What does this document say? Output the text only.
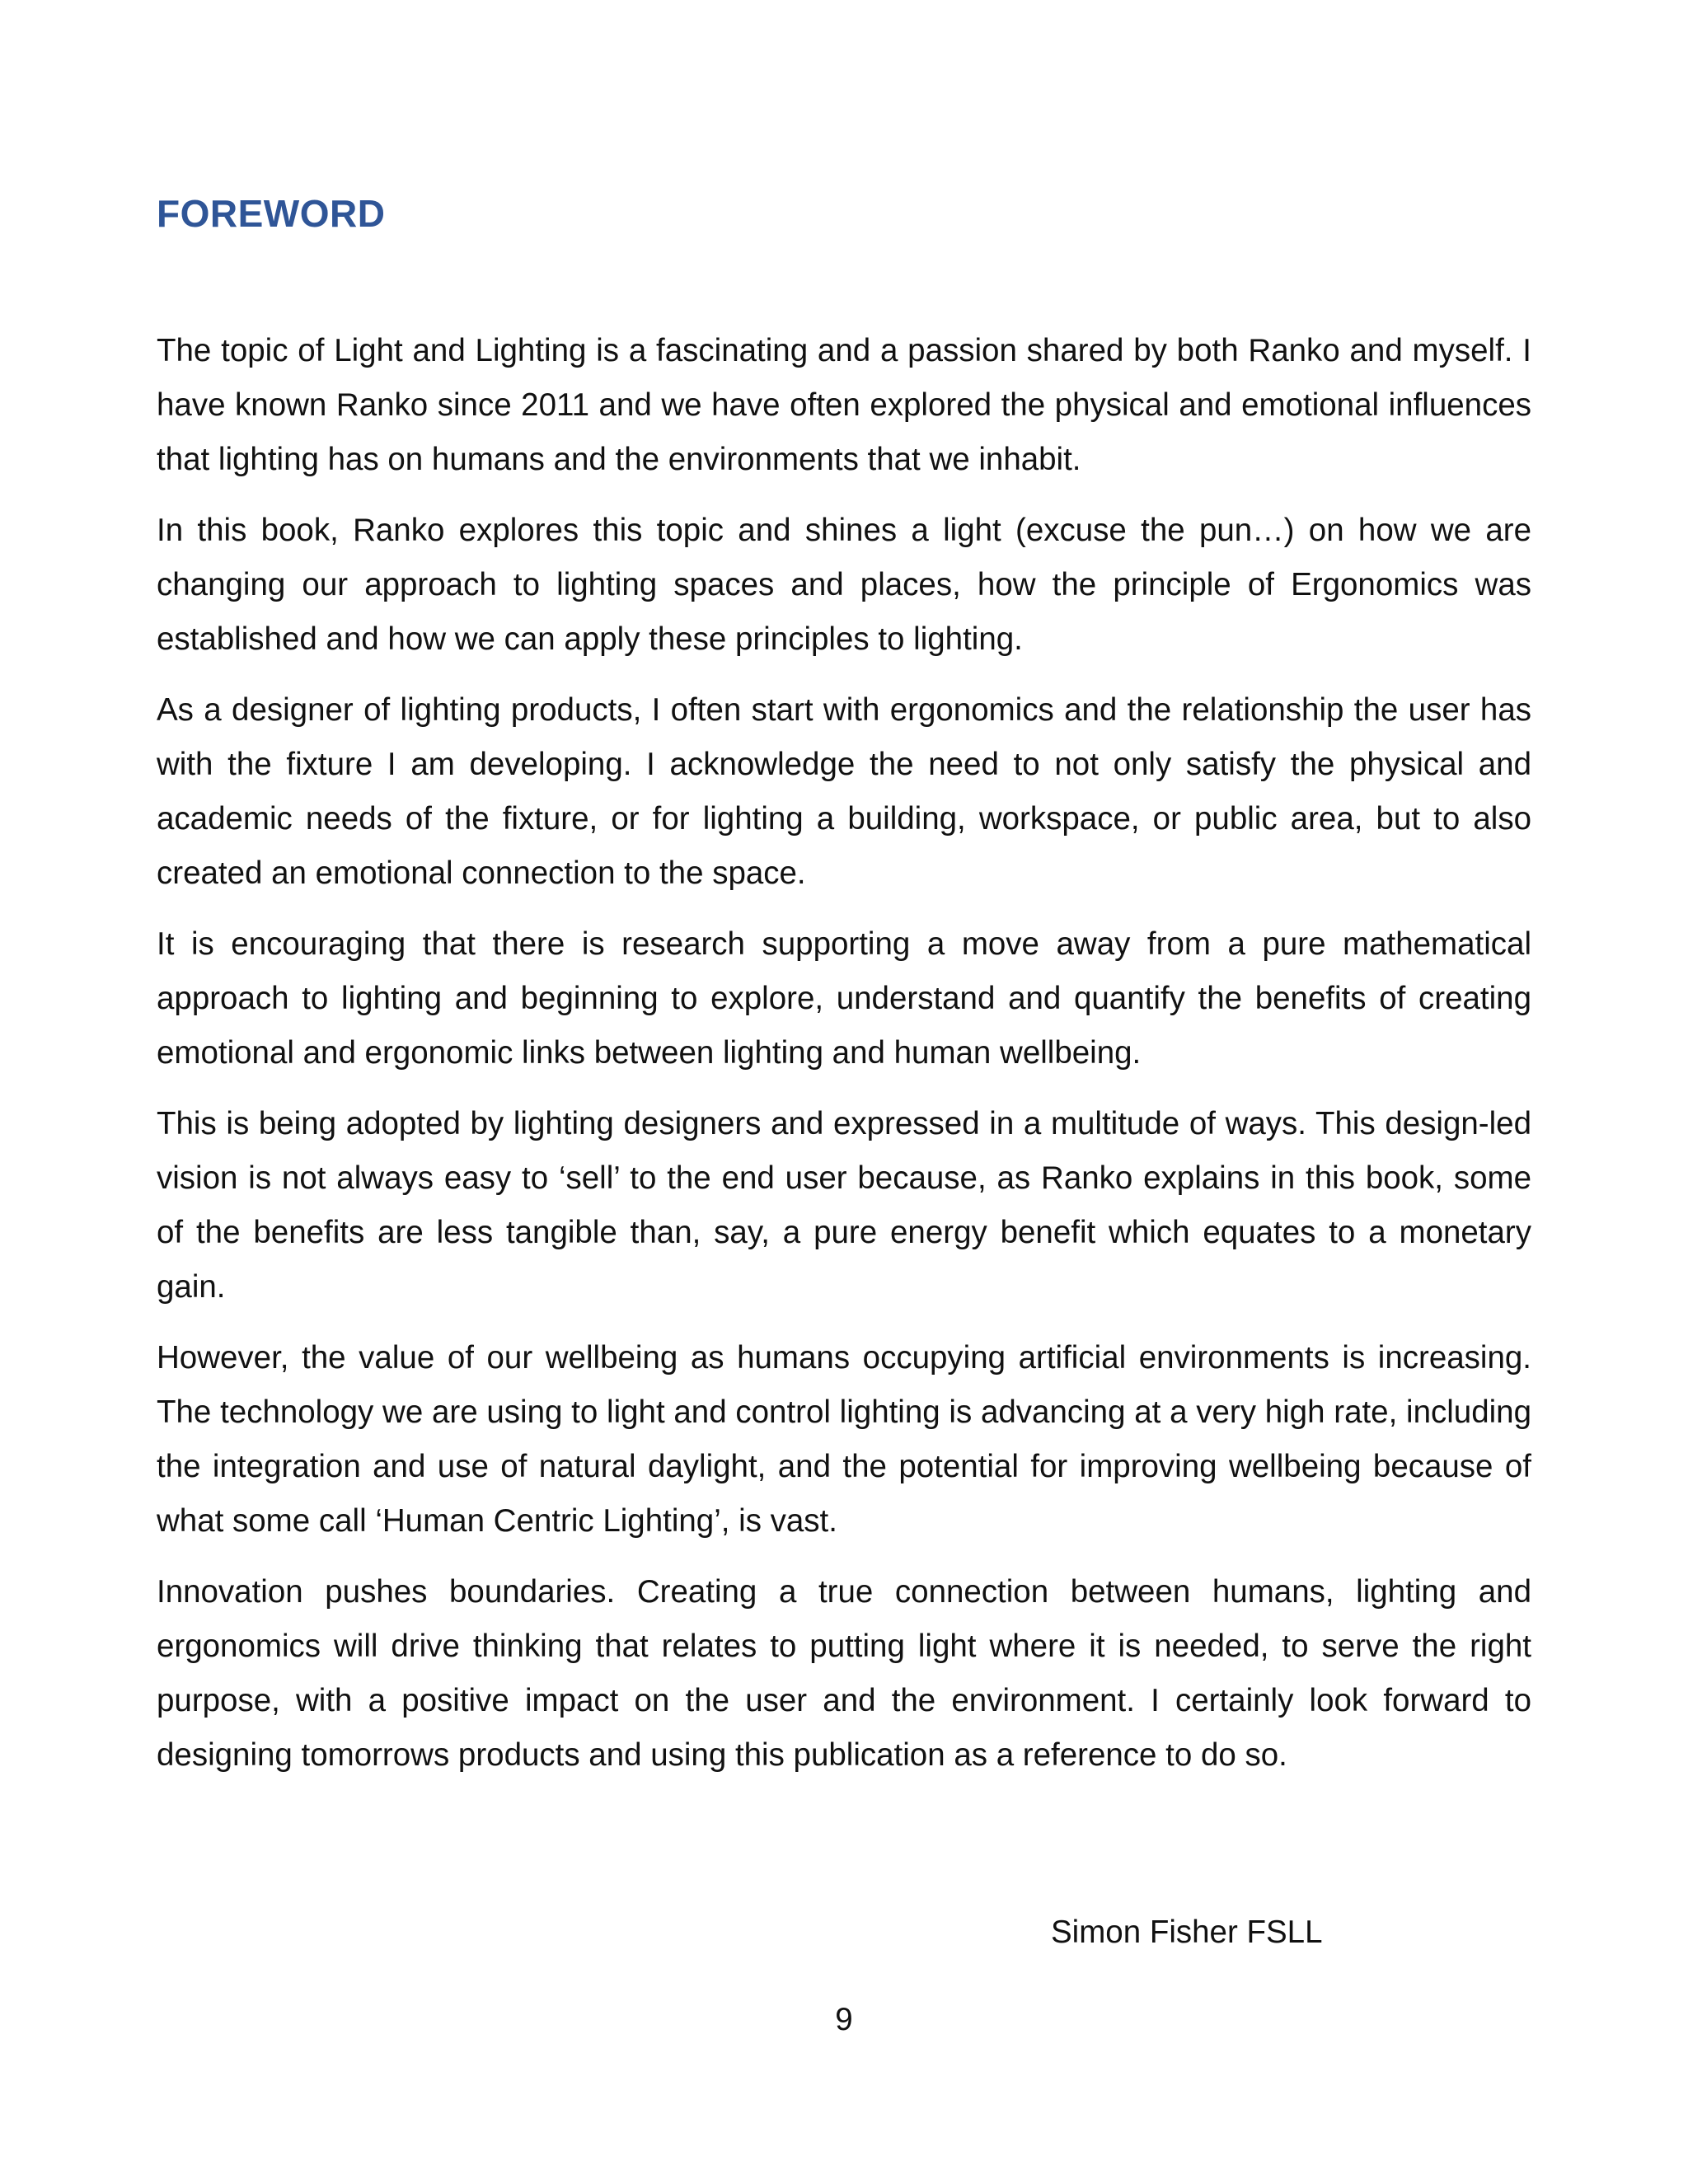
FOREWORD

The topic of Light and Lighting is a fascinating and a passion shared by both Ranko and myself. I have known Ranko since 2011 and we have often explored the physical and emotional influences that lighting has on humans and the environments that we inhabit.

In this book, Ranko explores this topic and shines a light (excuse the pun…) on how we are changing our approach to lighting spaces and places, how the principle of Ergonomics was established and how we can apply these principles to lighting.

As a designer of lighting products, I often start with ergonomics and the relationship the user has with the fixture I am developing. I acknowledge the need to not only satisfy the physical and academic needs of the fixture, or for lighting a building, workspace, or public area, but to also created an emotional connection to the space.

It is encouraging that there is research supporting a move away from a pure mathematical approach to lighting and beginning to explore, understand and quantify the benefits of creating emotional and ergonomic links between lighting and human wellbeing.

This is being adopted by lighting designers and expressed in a multitude of ways. This design-led vision is not always easy to ‘sell’ to the end user because, as Ranko explains in this book, some of the benefits are less tangible than, say, a pure energy benefit which equates to a monetary gain.

However, the value of our wellbeing as humans occupying artificial environments is increasing. The technology we are using to light and control lighting is advancing at a very high rate, including the integration and use of natural daylight, and the potential for improving wellbeing because of what some call ‘Human Centric Lighting’, is vast.

Innovation pushes boundaries. Creating a true connection between humans, lighting and ergonomics will drive thinking that relates to putting light where it is needed, to serve the right purpose, with a positive impact on the user and the environment. I certainly look forward to designing tomorrows products and using this publication as a reference to do so.

Simon Fisher FSLL

9
